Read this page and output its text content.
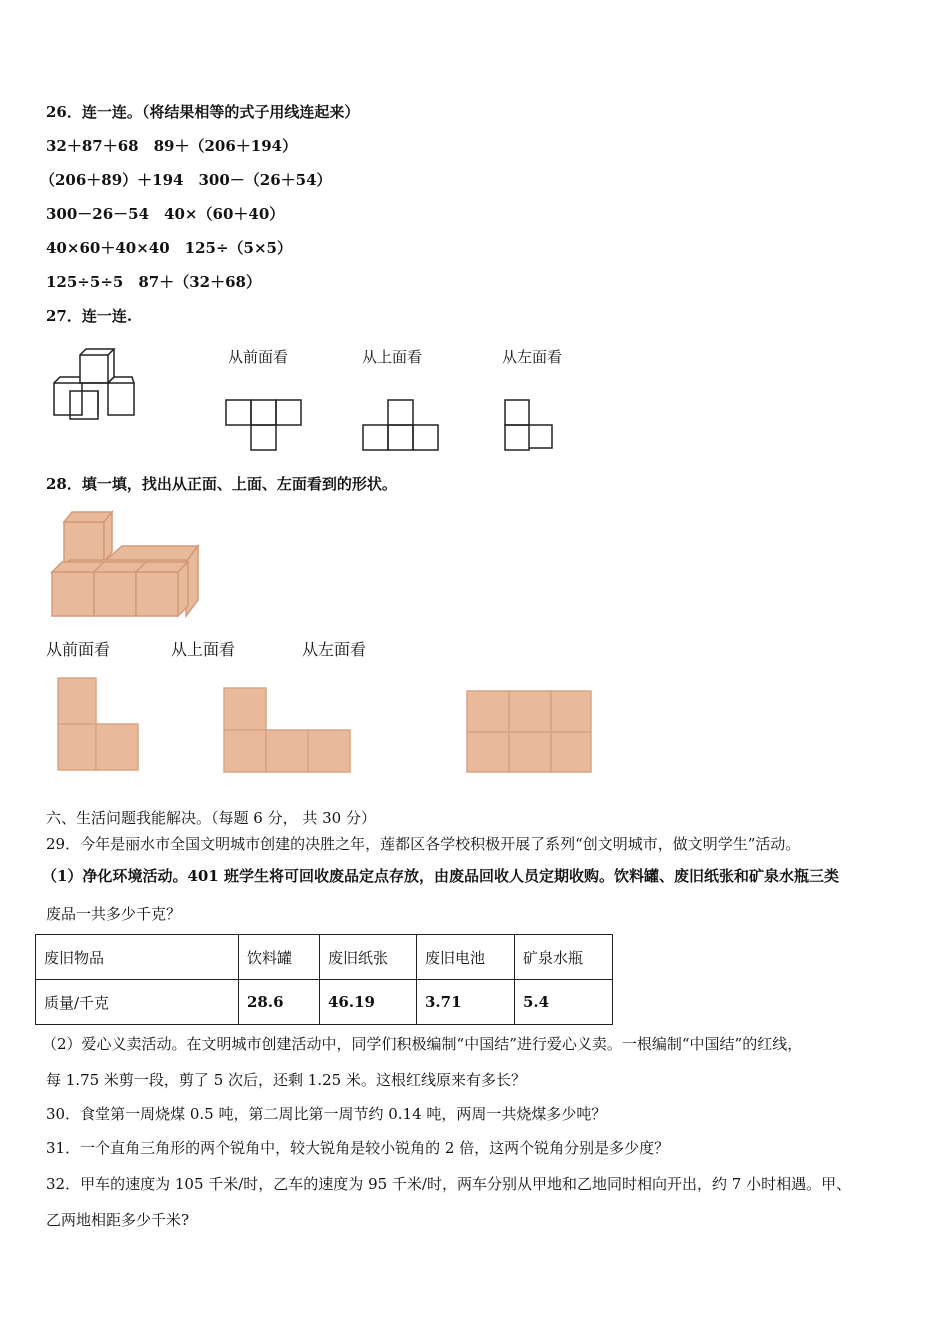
26．连一连。（将结果相等的式子用线连起来）
32＋87＋68　89＋（206＋194）
（206＋89）＋194　300－（26＋54）
300－26－54　40×（60＋40）
40×60＋40×40　125÷（5×5）
125÷5÷5　87＋（32＋68）
27．连一连.
从前面看	从上面看	从左面看
28．填一填，找出从正面、上面、左面看到的形状。
从前面看	从上面看	从左面看
六、生活问题我能解决。（每题 6 分， 共 30 分）
29．今年是丽水市全国文明城市创建的决胜之年，莲都区各学校积极开展了系列“创文明城市，做文明学生”活动。
（1）净化环境活动。401 班学生将可回收废品定点存放，由废品回收人员定期收购。饮料罐、废旧纸张和矿泉水瓶三类
废品一共多少千克？
废旧物品	饮料罐	废旧纸张	废旧电池	矿泉水瓶
质量/千克	28.6	46.19	3.71	5.4
（2）爱心义卖活动。在文明城市创建活动中，同学们积极编制“中国结”进行爱心义卖。一根编制“中国结”的红线，
每 1.75 米剪一段，剪了 5 次后，还剩 1.25 米。这根红线原来有多长？
30．食堂第一周烧煤 0.5 吨，第二周比第一周节约 0.14 吨，两周一共烧煤多少吨？
31．一个直角三角形的两个锐角中，较大锐角是较小锐角的 2 倍，这两个锐角分别是多少度？
32．甲车的速度为 105 千米/时，乙车的速度为 95 千米/时，两车分别从甲地和乙地同时相向开出，约 7 小时相遇。甲、
乙两地相距多少千米?
